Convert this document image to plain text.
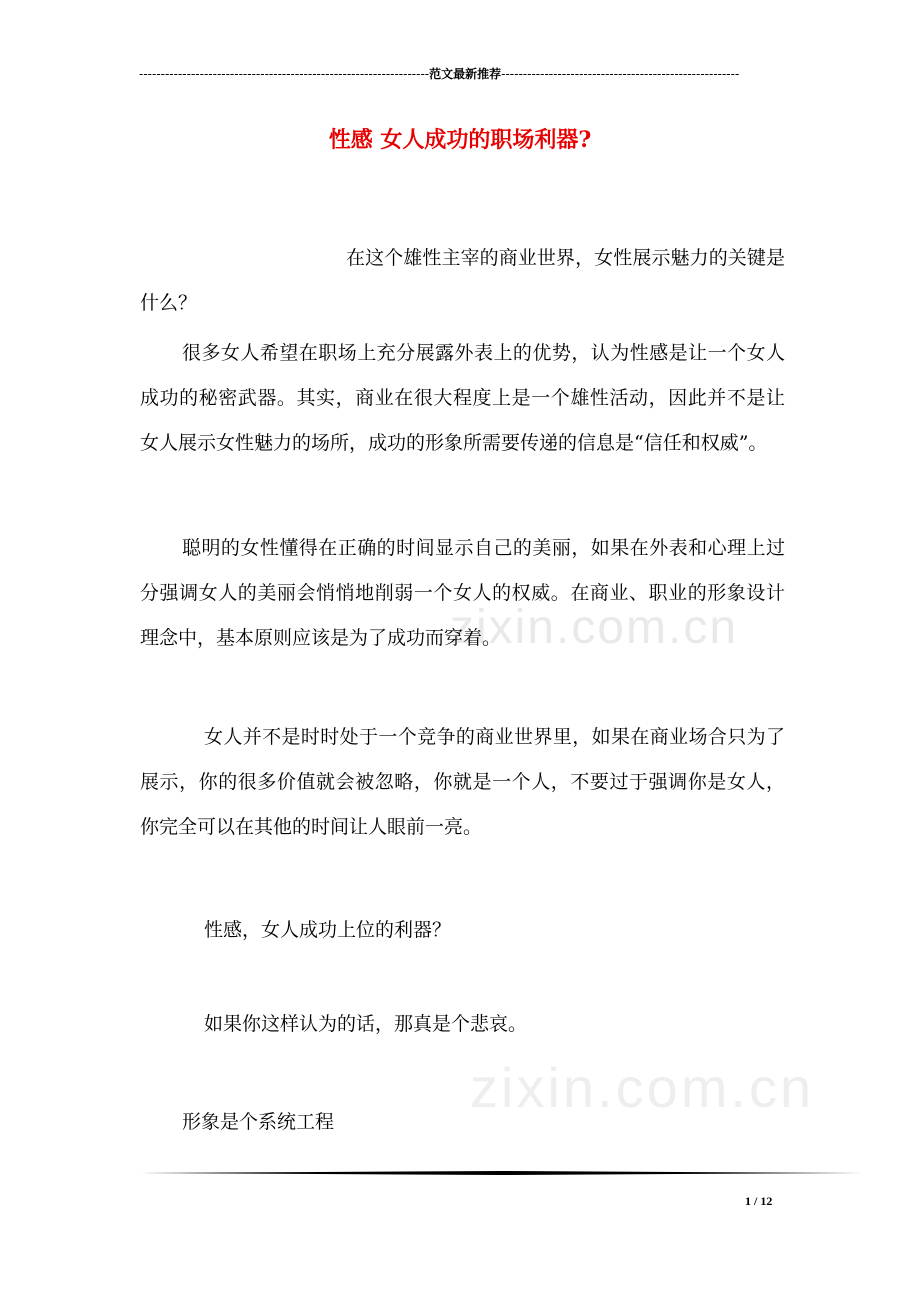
-------------------------------------------------------------------范文最新推荐-------------------------------------------------------
性感 女人成功的职场利器?
zixin.com.cn
zixin.com.cn
在这个雄性主宰的商业世界，女性展示魅力的关键是什么？
很多女人希望在职场上充分展露外表上的优势，认为性感是让一个女人成功的秘密武器。其实，商业在很大程度上是一个雄性活动，因此并不是让女人展示女性魅力的场所，成功的形象所需要传递的信息是“信任和权威”。
聪明的女性懂得在正确的时间显示自己的美丽，如果在外表和心理上过分强调女人的美丽会悄悄地削弱一个女人的权威。在商业、职业的形象设计理念中，基本原则应该是为了成功而穿着。
女人并不是时时处于一个竞争的商业世界里，如果在商业场合只为了展示，你的很多价值就会被忽略，你就是一个人，不要过于强调你是女人，你完全可以在其他的时间让人眼前一亮。
性感，女人成功上位的利器？
如果你这样认为的话，那真是个悲哀。
形象是个系统工程
1 / 12
